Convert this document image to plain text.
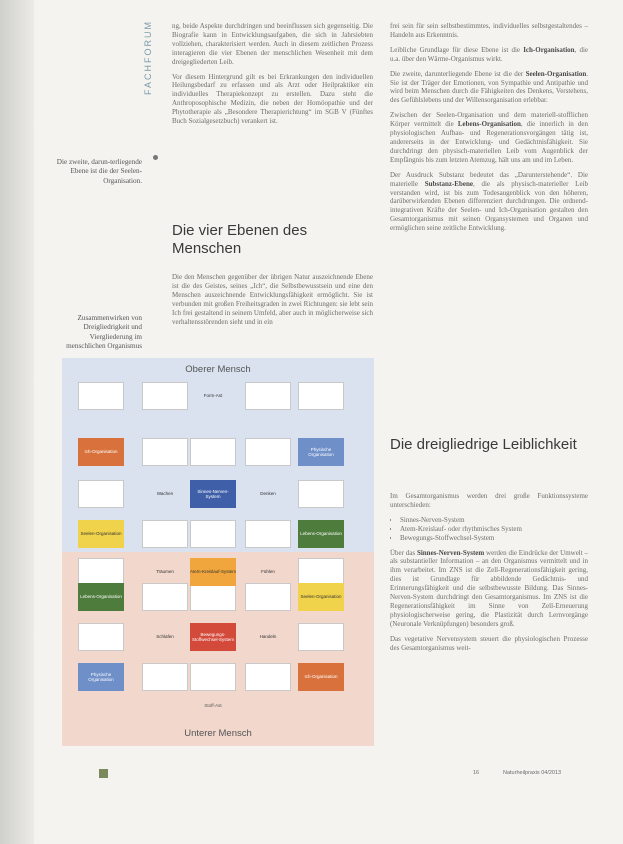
FACHFORUM
Die zweite, darun-terliegende Ebene ist die der Seelen-Organisation.
Zusammenwirken von Dreigliedrigkeit und Viergliederung im menschlichen Organismus

ng, beide Aspekte durchdringen und beeinflussen sich gegenseitig. Die Biografie kann in Entwicklungsaufgaben, die sich in Jahrsiebten vollziehen, charakterisiert werden. Auch in diesem zeitlichen Prozess interagieren die vier Ebenen der menschlichen Wesenheit mit dem dreigegliederten Leib.

Vor diesem Hintergrund gilt es bei Erkrankungen den individuellen Heilungsbedarf zu erfassen und als Arzt oder Heilpraktiker ein individuelles Therapiekonzept zu erstellen. Dazu steht die Anthroposophische Medizin, die neben der Homöopathie und der Phytotherapie als „Besondere Therapierichtung“ im SGB V (Fünftes Buch Sozialgesetzbuch) verankert ist.

Die vier Ebenen des Menschen

Die den Menschen gegenüber der übrigen Natur auszeichnende Ebene ist die des Geistes, seines „Ich“, die Selbstbewusstsein und eine den Menschen auszeichnende Entwicklungsfähigkeit ermöglicht. Sie ist verbunden mit großen Freiheitsgraden in zwei Richtungen: sie lebt sein Ich frei gestaltend in seinem Umfeld, aber auch in möglicherweise sich verhaltensstörenden sieht und in ein

frei sein für sein selbstbestimmtes, individuelles selbstgestaltendes – Handeln aus Erkenntnis.

Leibliche Grundlage für diese Ebene ist die Ich-Organisation, die u.a. über den Wärme-Organismus wirkt.

Die zweite, darunterliegende Ebene ist die der Seelen-Organisation. Sie ist der Träger der Emotionen, von Sympathie und Antipathie und wird beim Menschen durch die Fähigkeiten des Denkens, Verstehens, des Gefühlslebens und der Willensorganisation erlebbar.

Zwischen der Seelen-Organisation und dem materiell-stofflichen Körper vermittelt die Lebens-Organisation, die innerlich in den physiologischen Aufbau- und Regenerationsvorgängen tätig ist, andererseits in der Entwicklung- und Gedächtnisfähigkeit. Sie durchdringt den physisch-materiellen Leib vom Augenblick der Empfängnis bis zum letzten Atemzug, hält uns am und im Leben.

Der Ausdruck Substanz bedeutet das „Darunterstehende“. Die materielle Substanz-Ebene, die als physisch-materieller Leib verstanden wird, ist bis zum Todesaugenblick von den höheren, darüberwirkenden Ebenen differenziert durchdrungen. Die ordnend-integrativen Kräfte der Seelen- und Ich-Organisation gestalten den Gesamtorganismus mit seinen Organsystemen und Organen und ermöglichen seine zeitliche Entwicklung.

Die dreigliedrige Leiblichkeit

Im Gesamtorganismus werden drei große Funktionssysteme unterschieden:

• Sinnes-Nerven-System
• Atem-Kreislauf- oder rhythmisches System
• Bewegungs-Stoffwechsel-System

Über das Sinnes-Nerven-System werden die Eindrücke der Umwelt – als substantieller Information – an den Organismus vermittelt und in ihm verarbeitet. Im ZNS ist die Zell-Regenerationsfähigkeit gering, dies ist Grundlage für abbildende Gedächtnis- und Erinnerungsfähigkeit und die selbstbewusste Bildung. Das Sinnes-Nerven-System durchdringt den Gesamtorganismus. Im ZNS ist die Regenerationsfähigkeit im Sinne von Zell-Erneuerung physiologischerweise gering, die Plastizität durch Lernvorgänge (Neuronale Verknüpfungen) besonders groß.

Das vegetative Nervensystem steuert die physiologischen Prozesse des Gesamtorganismus weit-

Oberer Mensch
Unterer Mensch
Form-Ast
Ich-Organisation
Physische Organisation
Wachen
Sinnes-Nerven-System
Denken
Seelen-Organisation	Lebens-Organisation
Träumen	Atem-Kreislauf-System	Fühlen
Lebens-Organisation	Seelen-Organisation
Schlafen
Bewegungs-Stoffwechsel-System
Handeln
Physische Organisation
Ich-Organisation
Stoff-Ast
16	Naturheilpraxis 04/2013
